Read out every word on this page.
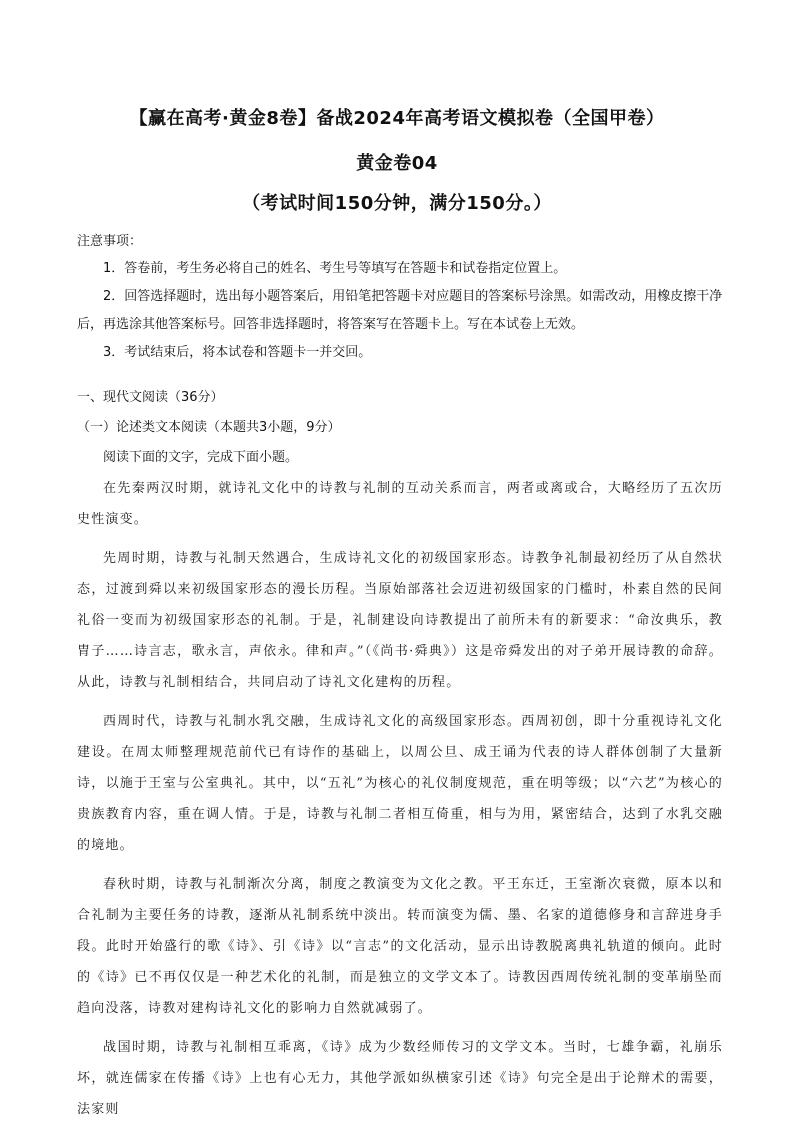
【赢在高考·黄金8卷】备战2024年高考语文模拟卷（全国甲卷）
黄金卷04
（考试时间150分钟，满分150分。）
注意事项：

1．答卷前，考生务必将自己的姓名、考生号等填写在答题卡和试卷指定位置上。

2．回答选择题时，选出每小题答案后，用铅笔把答题卡对应题目的答案标号涂黑。如需改动，用橡皮擦干净后，再选涂其他答案标号。回答非选择题时，将答案写在答题卡上。写在本试卷上无效。

3．考试结束后，将本试卷和答题卡一并交回。

一、现代文阅读（36分）
（一）论述类文本阅读（本题共3小题，9分）
阅读下面的文字，完成下面小题。

在先秦两汉时期，就诗礼文化中的诗教与礼制的互动关系而言，两者或离或合，大略经历了五次历史性演变。

先周时期，诗教与礼制天然遇合，生成诗礼文化的初级国家形态。诗教争礼制最初经历了从自然状态，过渡到舜以来初级国家形态的漫长历程。当原始部落社会迈进初级国家的门槛时，朴素自然的民间礼俗一变而为初级国家形态的礼制。于是，礼制建设向诗教提出了前所未有的新要求：“命汝典乐，教胄子……诗言志，歌永言，声依永。律和声。”（《尚书·舜典》）这是帝舜发出的对子弟开展诗教的命辞。从此，诗教与礼制相结合，共同启动了诗礼文化建构的历程。

西周时代，诗教与礼制水乳交融，生成诗礼文化的高级国家形态。西周初创，即十分重视诗礼文化建设。在周太师整理规范前代已有诗作的基础上，以周公旦、成王诵为代表的诗人群体创制了大量新诗，以施于王室与公室典礼。其中，以“五礼”为核心的礼仪制度规范，重在明等级；以“六艺”为核心的贵族教育内容，重在调人情。于是，诗教与礼制二者相互倚重，相与为用，紧密结合，达到了水乳交融的境地。

春秋时期，诗教与礼制渐次分离，制度之教演变为文化之教。平王东迁，王室渐次衰微，原本以和合礼制为主要任务的诗教，逐渐从礼制系统中淡出。转而演变为儒、墨、名家的道德修身和言辞进身手段。此时开始盛行的歌《诗》、引《诗》以“言志”的文化活动，显示出诗教脱离典礼轨道的倾向。此时的《诗》已不再仅仅是一种艺术化的礼制，而是独立的文学文本了。诗教因西周传统礼制的变革崩坠而趋向没落，诗教对建构诗礼文化的影响力自然就减弱了。

战国时期，诗教与礼制相互乖离，《诗》成为少数经师传习的文学文本。当时，七雄争霸，礼崩乐坏，就连儒家在传播《诗》上也有心无力，其他学派如纵横家引述《诗》句完全是出于论辩术的需要，法家则
